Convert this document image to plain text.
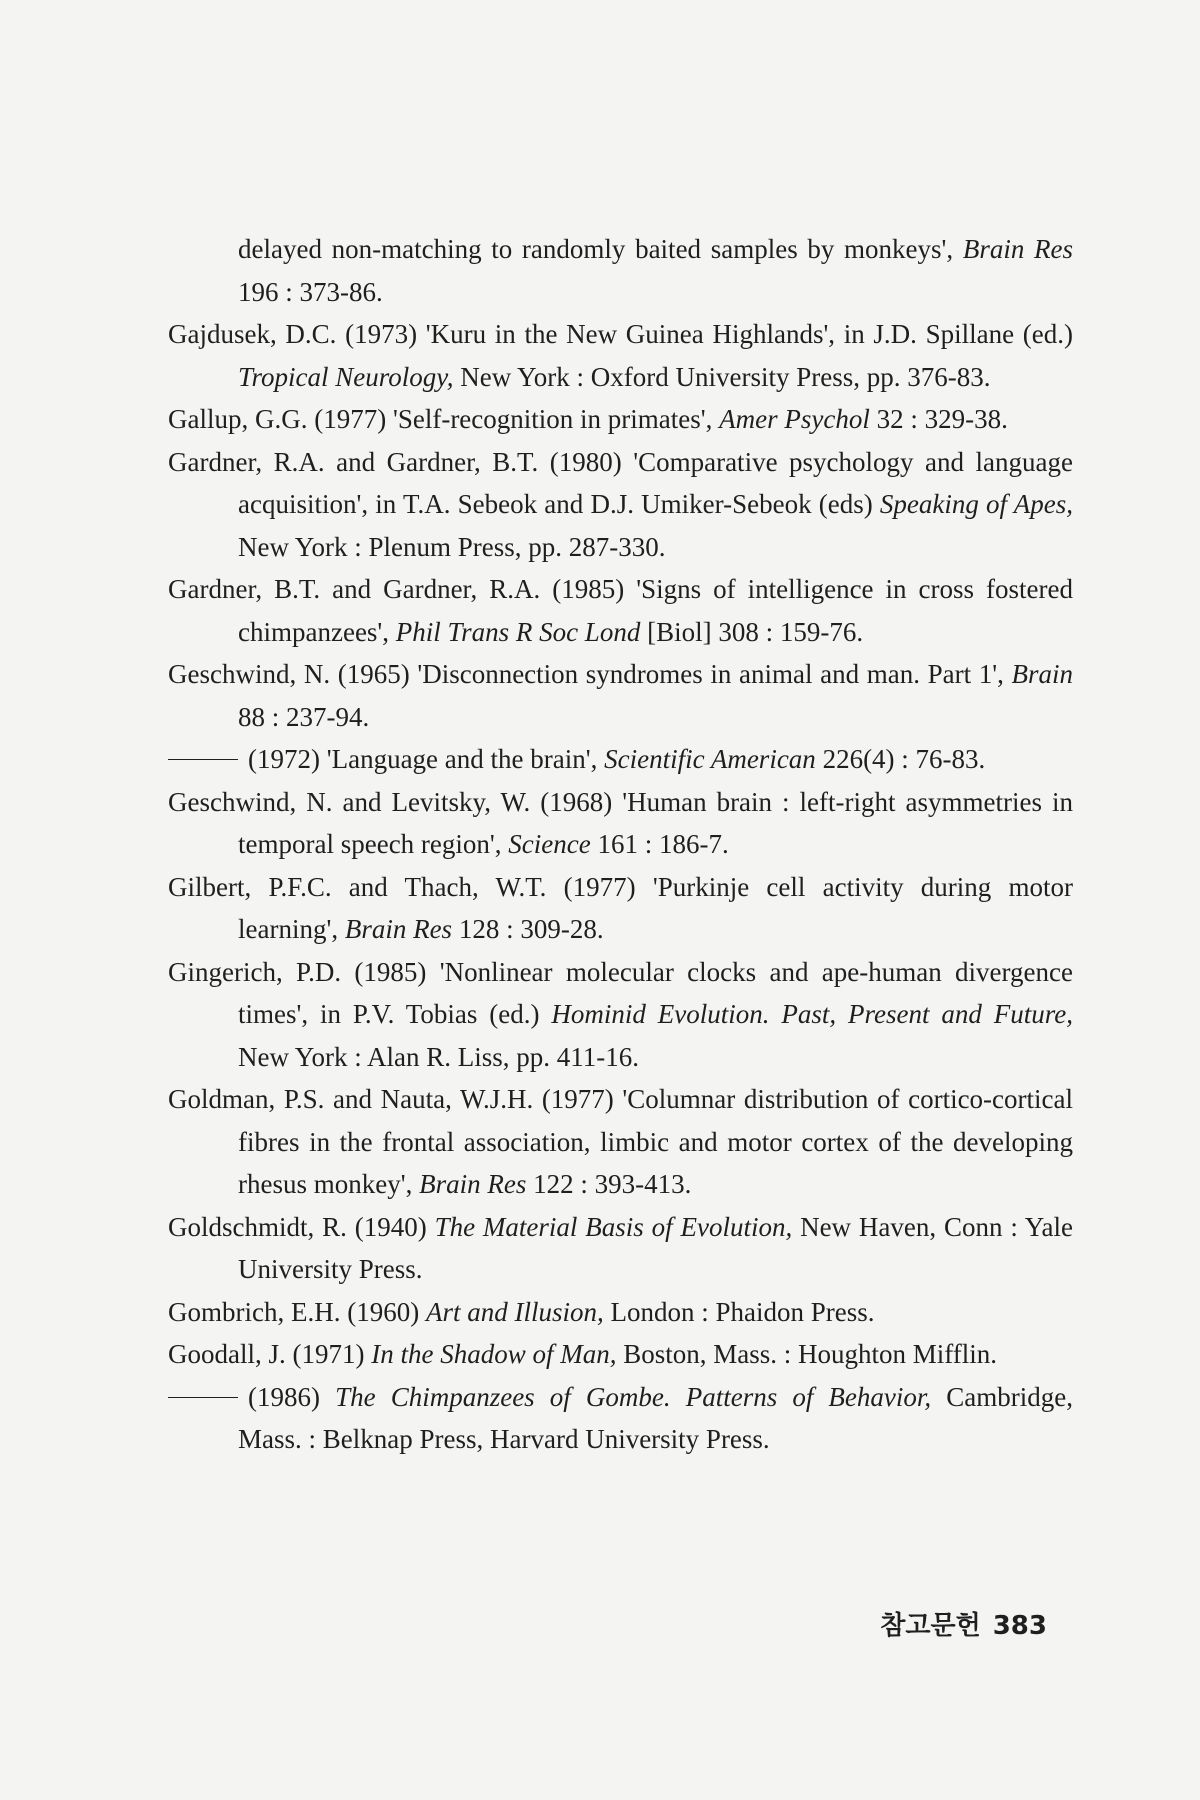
delayed non-matching to randomly baited samples by monkeys', Brain Res 196 : 373-86.

Gajdusek, D.C. (1973) 'Kuru in the New Guinea Highlands', in J.D. Spillane (ed.) Tropical Neurology, New York : Oxford University Press, pp. 376-83.

Gallup, G.G. (1977) 'Self-recognition in primates', Amer Psychol 32 : 329-38.

Gardner, R.A. and Gardner, B.T. (1980) 'Comparative psychology and language acquisition', in T.A. Sebeok and D.J. Umiker-Sebeok (eds) Speaking of Apes, New York : Plenum Press, pp. 287-330.

Gardner, B.T. and Gardner, R.A. (1985) 'Signs of intelligence in cross fostered chimpanzees', Phil Trans R Soc Lond [Biol] 308 : 159-76.

Geschwind, N. (1965) 'Disconnection syndromes in animal and man. Part 1', Brain 88 : 237-94.

(1972) 'Language and the brain', Scientific American 226(4) : 76-83.

Geschwind, N. and Levitsky, W. (1968) 'Human brain : left-right asymmetries in temporal speech region', Science 161 : 186-7.

Gilbert, P.F.C. and Thach, W.T. (1977) 'Purkinje cell activity during motor learning', Brain Res 128 : 309-28.

Gingerich, P.D. (1985) 'Nonlinear molecular clocks and ape-human divergence times', in P.V. Tobias (ed.) Hominid Evolution. Past, Present and Future, New York : Alan R. Liss, pp. 411-16.

Goldman, P.S. and Nauta, W.J.H. (1977) 'Columnar distribution of cortico-cortical fibres in the frontal association, limbic and motor cortex of the developing rhesus monkey', Brain Res 122 : 393-413.

Goldschmidt, R. (1940) The Material Basis of Evolution, New Haven, Conn : Yale University Press.

Gombrich, E.H. (1960) Art and Illusion, London : Phaidon Press.

Goodall, J. (1971) In the Shadow of Man, Boston, Mass. : Houghton Mifflin.

(1986) The Chimpanzees of Gombe. Patterns of Behavior, Cambridge, Mass. : Belknap Press, Harvard University Press.

참고문헌 383
